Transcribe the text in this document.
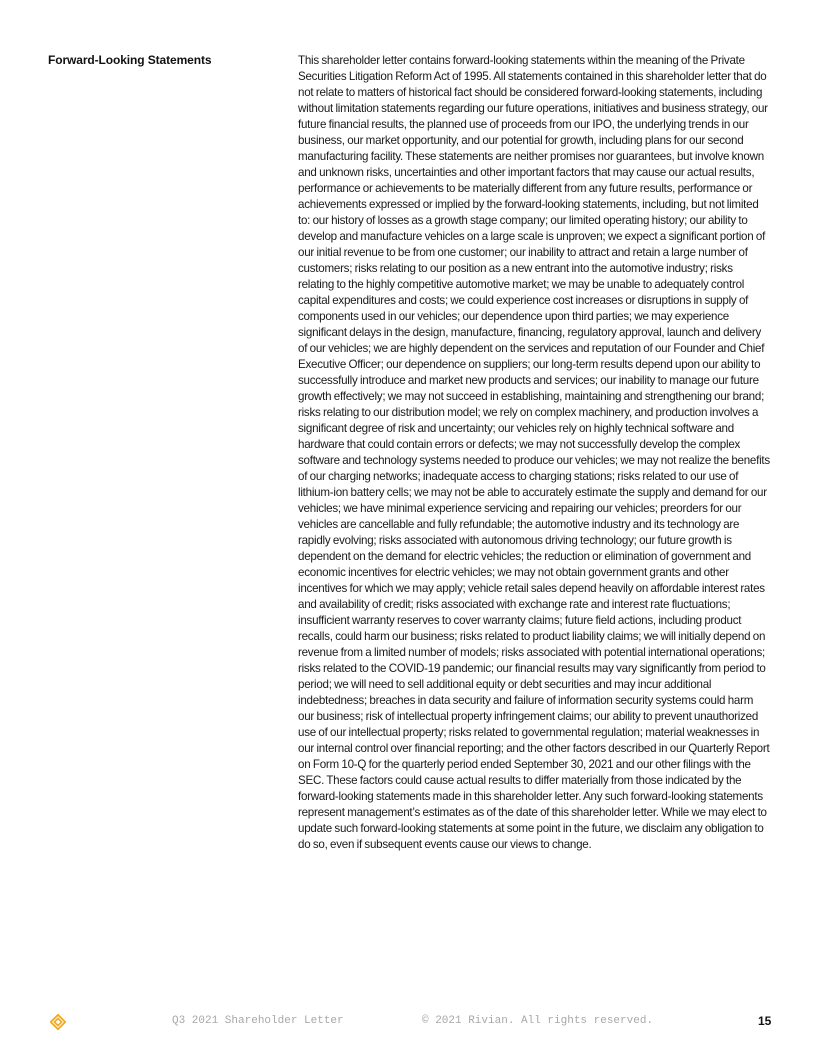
Forward-Looking Statements	This shareholder letter contains forward-looking statements within the meaning of the Private Securities Litigation Reform Act of 1995. All statements contained in this shareholder letter that do not relate to matters of historical fact should be considered forward-looking statements, including without limitation statements regarding our future operations, initiatives and business strategy, our future financial results, the planned use of proceeds from our IPO, the underlying trends in our business, our market opportunity, and our potential for growth, including plans for our second manufacturing facility. These statements are neither promises nor guarantees, but involve known and unknown risks, uncertainties and other important factors that may cause our actual results, performance or achievements to be materially different from any future results, performance or achievements expressed or implied by the forward-looking statements, including, but not limited to: our history of losses as a growth stage company; our limited operating history; our ability to develop and manufacture vehicles on a large scale is unproven; we expect a significant portion of our initial revenue to be from one customer; our inability to attract and retain a large number of customers; risks relating to our position as a new entrant into the automotive industry; risks relating to the highly competitive automotive market; we may be unable to adequately control capital expenditures and costs; we could experience cost increases or disruptions in supply of components used in our vehicles; our dependence upon third parties; we may experience significant delays in the design, manufacture, financing, regulatory approval, launch and delivery of our vehicles; we are highly dependent on the services and reputation of our Founder and Chief Executive Officer; our dependence on suppliers; our long-term results depend upon our ability to successfully introduce and market new products and services; our inability to manage our future growth effectively; we may not succeed in establishing, maintaining and strengthening our brand; risks relating to our distribution model; we rely on complex machinery, and production involves a significant degree of risk and uncertainty; our vehicles rely on highly technical software and hardware that could contain errors or defects; we may not successfully develop the complex software and technology systems needed to produce our vehicles; we may not realize the benefits of our charging networks; inadequate access to charging stations; risks related to our use of lithium-ion battery cells; we may not be able to accurately estimate the supply and demand for our vehicles; we have minimal experience servicing and repairing our vehicles; preorders for our vehicles are cancellable and fully refundable; the automotive industry and its technology are rapidly evolving; risks associated with autonomous driving technology; our future growth is dependent on the demand for electric vehicles; the reduction or elimination of government and economic incentives for electric vehicles; we may not obtain government grants and other incentives for which we may apply; vehicle retail sales depend heavily on affordable interest rates and availability of credit; risks associated with exchange rate and interest rate fluctuations; insufficient warranty reserves to cover warranty claims; future field actions, including product recalls, could harm our business; risks related to product liability claims; we will initially depend on revenue from a limited number of models; risks associated with potential international operations; risks related to the COVID-19 pandemic; our financial results may vary significantly from period to period; we will need to sell additional equity or debt securities and may incur additional indebtedness; breaches in data security and failure of information security systems could harm our business; risk of intellectual property infringement claims; our ability to prevent unauthorized use of our intellectual property; risks related to governmental regulation; material weaknesses in our internal control over financial reporting; and the other factors described in our Quarterly Report on Form 10-Q for the quarterly period ended September 30, 2021 and our other filings with the SEC. These factors could cause actual results to differ materially from those indicated by the forward-looking statements made in this shareholder letter. Any such forward-looking statements represent management’s estimates as of the date of this shareholder letter. While we may elect to update such forward-looking statements at some point in the future, we disclaim any obligation to do so, even if subsequent events cause our views to change.

Q3 2021 Shareholder Letter	© 2021 Rivian. All rights reserved.	15
